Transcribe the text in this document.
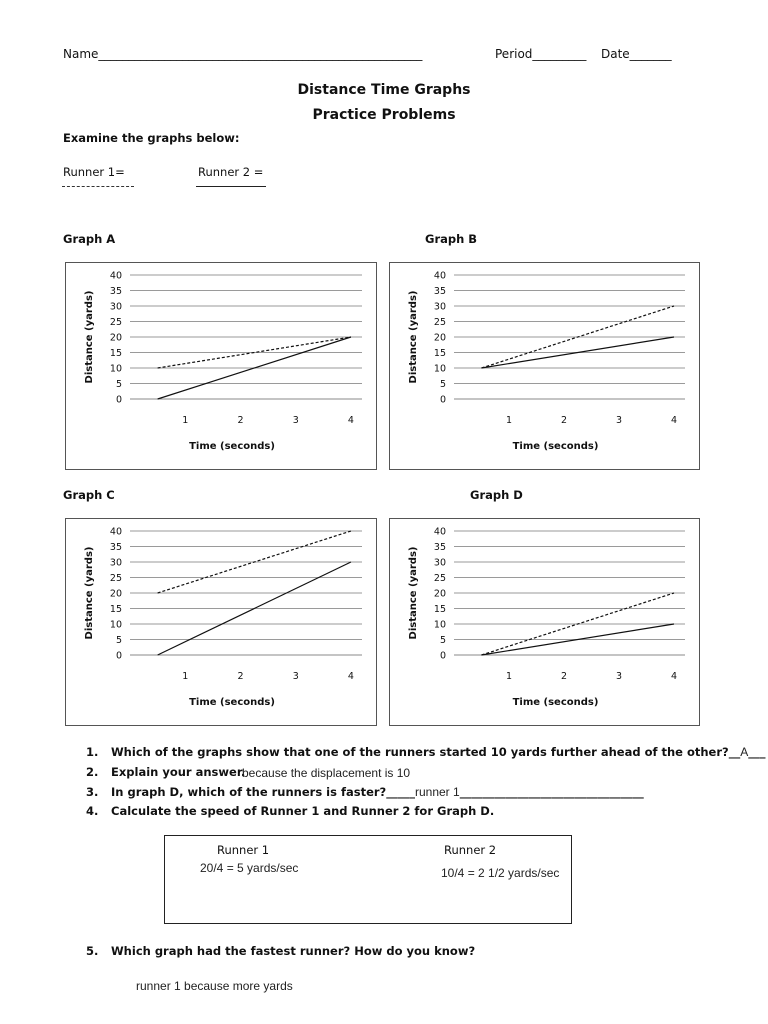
Name______________________________________________________	Period_________ Date_______
Distance Time Graphs
Practice Problems
Examine the graphs below:
Runner 1=	Runner 2 =
Graph A	Graph B
Graph C	Graph D
0
5
10
15
20
25
30
35
40
1	2	3	4
Time (seconds)
Distance (yards)
0
5
10
15
20
25
30
35
40
1	2	3	4
Time (seconds)
Distance (yards)
0
5
10
15
20
25
30
35
40
1	2	3	4
Time (seconds)
Distance (yards)
0
5
10
15
20
25
30
35
40
1	2	3	4
Time (seconds)
Distance (yards)
1. Which of the graphs show that one of the runners started 10 yards further ahead of the other?__A___
2. Explain your answer.
because the displacement is 10
3. In graph D, which of the runners is faster?_____runner 1________________________________
4. Calculate the speed of Runner 1 and Runner 2 for Graph D.
Runner 1
20/4 = 5 yards/sec
Runner 2
10/4 = 2 1/2 yards/sec
5. Which graph had the fastest runner? How do you know?
runner 1 because more yards
